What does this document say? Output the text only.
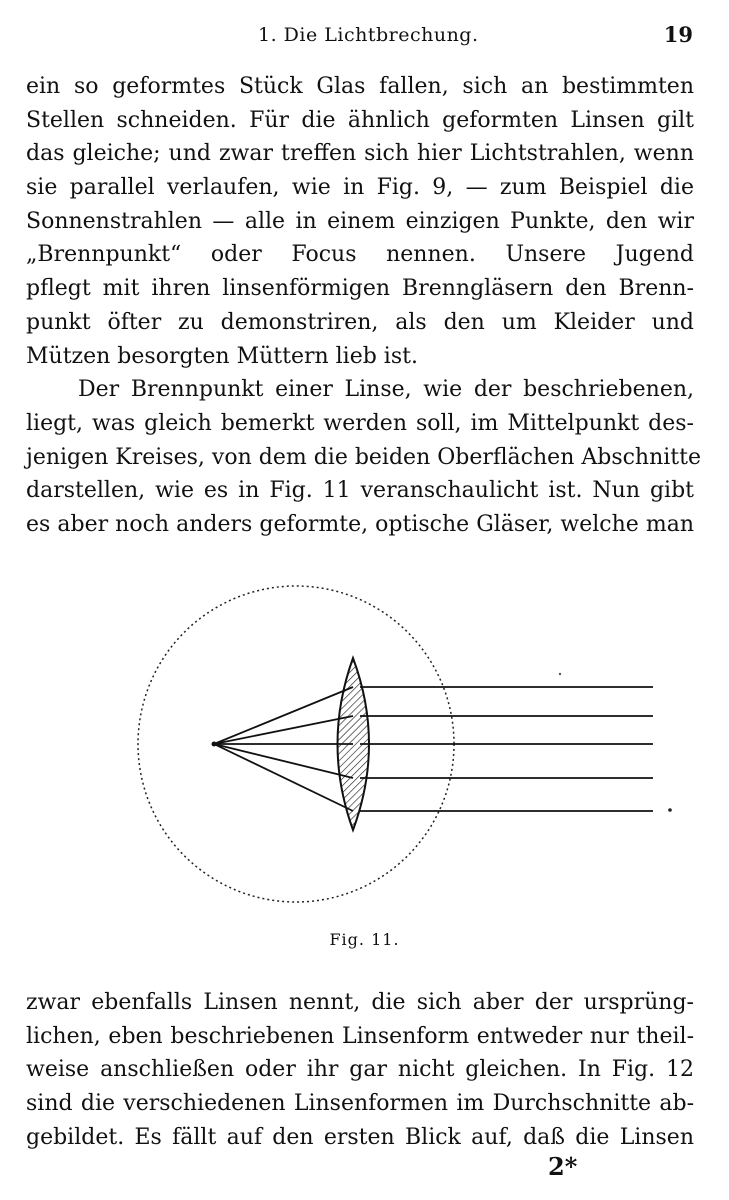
1. Die Lichtbrechung.	19
ein so geformtes Stück Glas fallen, sich an bestimmten
Stellen schneiden. Für die ähnlich geformten Linsen gilt
das gleiche; und zwar treffen sich hier Lichtstrahlen, wenn
sie parallel verlaufen, wie in Fig. 9, — zum Beispiel die
Sonnenstrahlen — alle in einem einzigen Punkte, den wir
„Brennpunkt“ oder Focus nennen. Unsere Jugend
pflegt mit ihren linsenförmigen Brenngläsern den Brenn-
punkt öfter zu demonstriren, als den um Kleider und
Mützen besorgten Müttern lieb ist.
Der Brennpunkt einer Linse, wie der beschriebenen,
liegt, was gleich bemerkt werden soll, im Mittelpunkt des-
jenigen Kreises, von dem die beiden Oberflächen Abschnitte
darstellen, wie es in Fig. 11 veranschaulicht ist. Nun gibt
es aber noch anders geformte, optische Gläser, welche man
Fig. 11.
zwar ebenfalls Linsen nennt, die sich aber der ursprüng-
lichen, eben beschriebenen Linsenform entweder nur theil-
weise anschließen oder ihr gar nicht gleichen. In Fig. 12
sind die verschiedenen Linsenformen im Durchschnitte ab-
gebildet. Es fällt auf den ersten Blick auf, daß die Linsen
2*
